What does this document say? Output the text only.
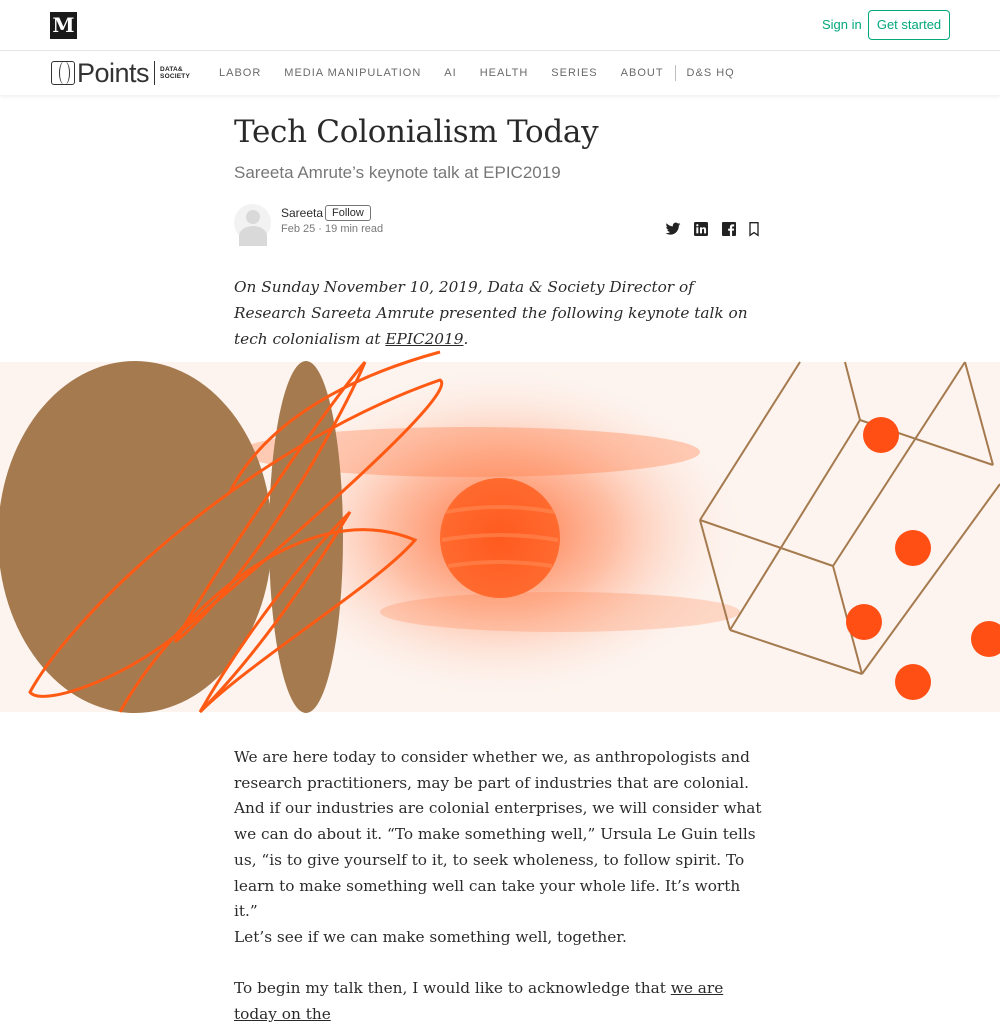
M	Sign in	Get started
Points DATA&
SOCIETY	LABOR MEDIA MANIPULATION AI HEALTH SERIES ABOUT D&S HQ
Tech Colonialism Today
Sareeta Amrute’s keynote talk at EPIC2019
Sareeta Follow
Feb 25 · 19 min read

On Sunday November 10, 2019, Data & Society Director of Research Sareeta Amrute presented the following keynote talk on tech colonialism at EPIC2019.

We are here today to consider whether we, as anthropologists and research practitioners, may be part of industries that are colonial. And if our industries are colonial enterprises, we will consider what we can do about it. “To make something well,” Ursula Le Guin tells us, “is to give yourself to it, to seek wholeness, to follow spirit. To learn to make something well can take your whole life. It’s worth it.”

Let’s see if we can make something well, together.

To begin my talk then, I would like to acknowledge that we are today on the
